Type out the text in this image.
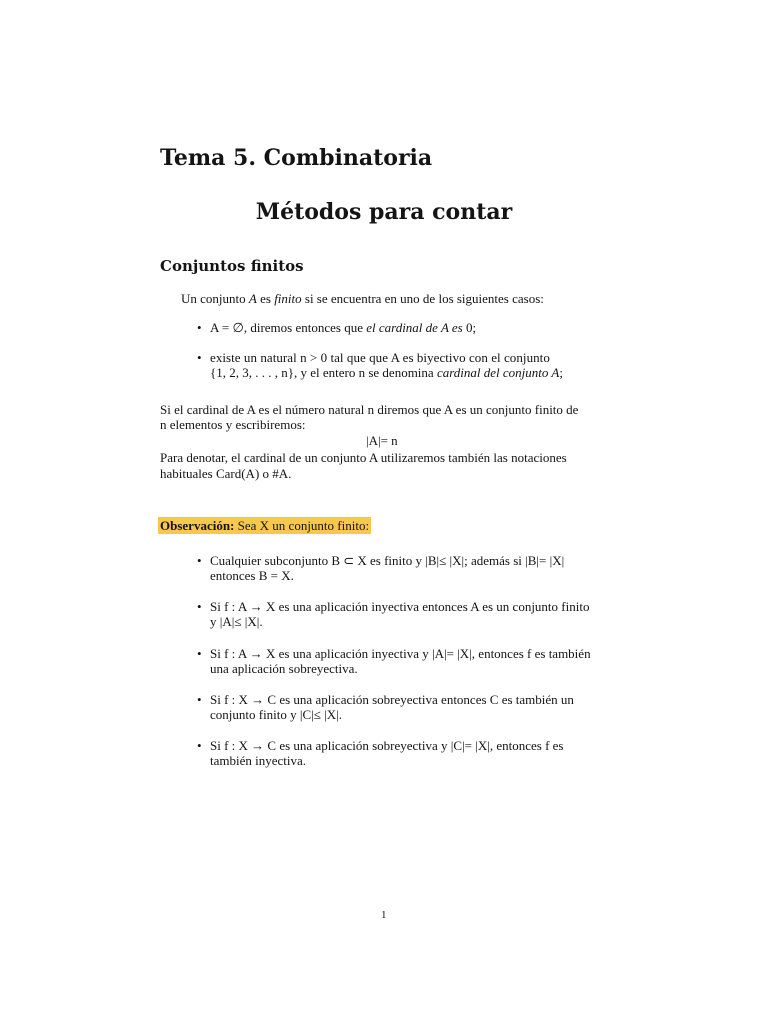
Tema 5. Combinatoria
Métodos para contar
Conjuntos finitos
Un conjunto A es finito si se encuentra en uno de los siguientes casos:
• A = ∅, diremos entonces que el cardinal de A es 0;
• existe un natural n > 0 tal que que A es biyectivo con el conjunto
{1, 2, 3, . . . , n}, y el entero n se denomina cardinal del conjunto A;
Si el cardinal de A es el número natural n diremos que A es un conjunto finito de
n elementos y escribiremos:
|A|= n
Para denotar, el cardinal de un conjunto A utilizaremos también las notaciones
habituales Card(A) o #A.
Observación: Sea X un conjunto finito:
• Cualquier subconjunto B ⊂ X es finito y |B|≤ |X|; además si |B|= |X|
entonces B = X.
• Si f : A → X es una aplicación inyectiva entonces A es un conjunto finito
y |A|≤ |X|.
• Si f : A → X es una aplicación inyectiva y |A|= |X|, entonces f es también
una aplicación sobreyectiva.
• Si f : X → C es una aplicación sobreyectiva entonces C es también un
conjunto finito y |C|≤ |X|.
• Si f : X → C es una aplicación sobreyectiva y |C|= |X|, entonces f es
también inyectiva.
1
